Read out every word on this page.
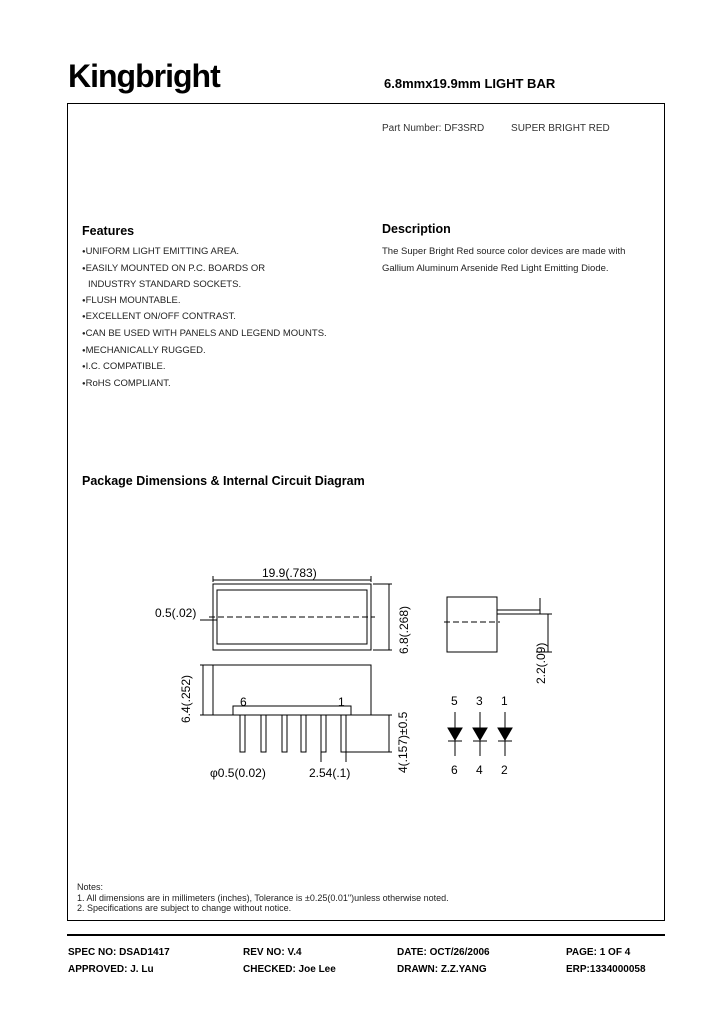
Kingbright	6.8mmx19.9mm LIGHT BAR
Part Number: DF3SRD	SUPER BRIGHT RED
Features
●UNIFORM LIGHT EMITTING AREA.
●EASILY MOUNTED ON P.C. BOARDS OR
INDUSTRY STANDARD SOCKETS.
●FLUSH MOUNTABLE.
●EXCELLENT ON/OFF CONTRAST.
●CAN BE USED WITH PANELS AND LEGEND MOUNTS.
●MECHANICALLY RUGGED.
●I.C. COMPATIBLE.
●RoHS COMPLIANT.
Description

The Super Bright Red source color devices are made with
Gallium Aluminum Arsenide Red Light Emitting Diode.

Package Dimensions & Internal Circuit Diagram
19.9(.783)
0.5(.02)	6.8(.268)
6.4(.252)
4(.157)±0.5
φ0.5(0.02)	2.54(.1)
2.2(.09)
6	1	5 3 1
6 4 2
Notes:
1. All dimensions are in millimeters (inches), Tolerance is ±0.25(0.01")unless otherwise noted.
2. Specifications are subject to change without notice.
SPEC NO: DSAD1417	REV NO: V.4	DATE: OCT/26/2006	PAGE: 1 OF 4
APPROVED: J. Lu	CHECKED: Joe Lee	DRAWN: Z.Z.YANG	ERP:1334000058
